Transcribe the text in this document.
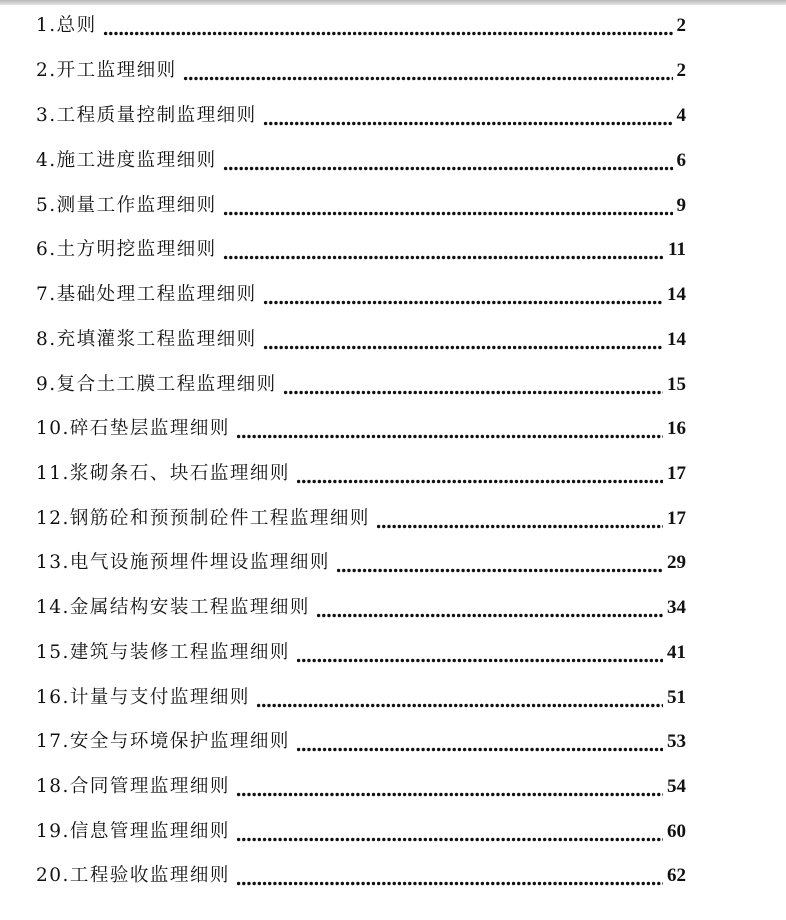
1.总则	2
2.开工监理细则	2
3.工程质量控制监理细则	4
4.施工进度监理细则	6
5.测量工作监理细则	9
6.土方明挖监理细则	11
7.基础处理工程监理细则	14
8.充填灌浆工程监理细则	14
9.复合土工膜工程监理细则	15
10.碎石垫层监理细则	16
11.浆砌条石、块石监理细则	17
12.钢筋砼和预预制砼件工程监理细则	17
13.电气设施预埋件埋设监理细则	29
14.金属结构安装工程监理细则	34
15.建筑与装修工程监理细则	41
16.计量与支付监理细则	51
17.安全与环境保护监理细则	53
18.合同管理监理细则	54
19.信息管理监理细则	60
20.工程验收监理细则	62
